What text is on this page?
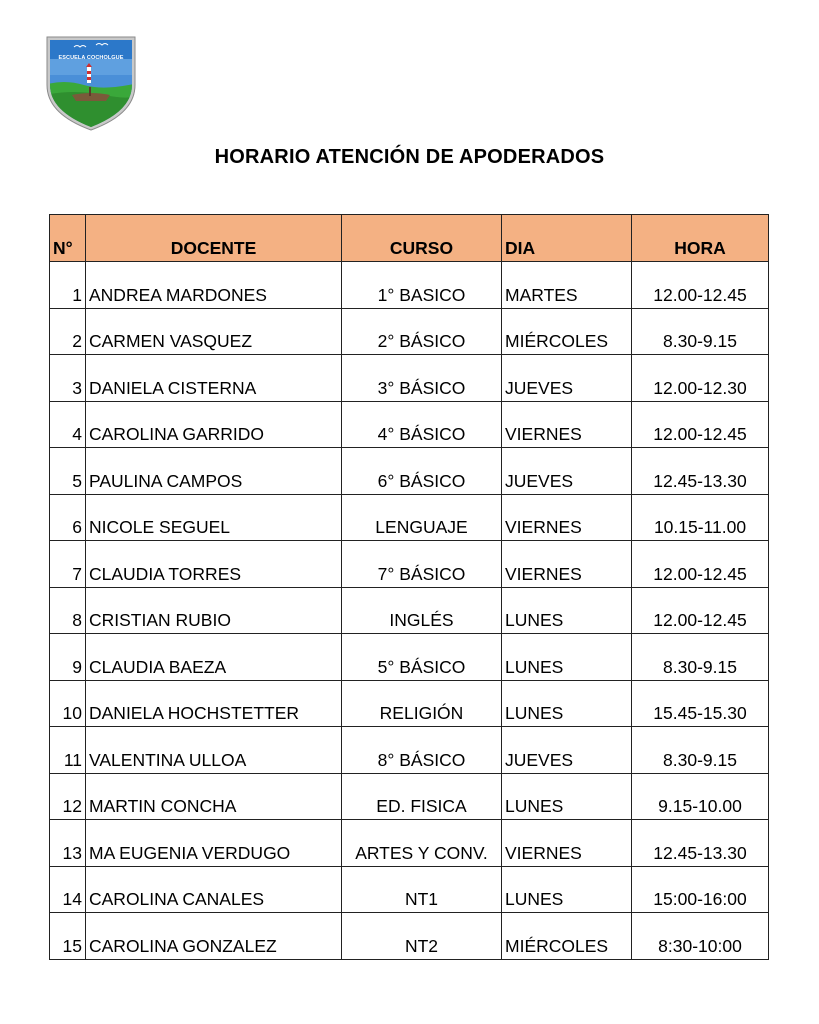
ESCUELA COCHOLGUE
HORARIO ATENCIÓN DE APODERADOS
N°	DOCENTE	CURSO	DIA	HORA
1	ANDREA MARDONES	1° BASICO	MARTES	12.00-12.45
2	CARMEN VASQUEZ	2° BÁSICO	MIÉRCOLES	8.30-9.15
3	DANIELA CISTERNA	3° BÁSICO	JUEVES	12.00-12.30
4	CAROLINA GARRIDO	4° BÁSICO	VIERNES	12.00-12.45
5	PAULINA CAMPOS	6° BÁSICO	JUEVES	12.45-13.30
6	NICOLE SEGUEL	LENGUAJE	VIERNES	10.15-11.00
7	CLAUDIA TORRES	7° BÁSICO	VIERNES	12.00-12.45
8	CRISTIAN RUBIO	INGLÉS	LUNES	12.00-12.45
9	CLAUDIA BAEZA	5° BÁSICO	LUNES	8.30-9.15
10	DANIELA HOCHSTETTER	RELIGIÓN	LUNES	15.45-15.30
11	VALENTINA ULLOA	8° BÁSICO	JUEVES	8.30-9.15
12	MARTIN CONCHA	ED. FISICA	LUNES	9.15-10.00
13	MA EUGENIA VERDUGO	ARTES Y CONV.	VIERNES	12.45-13.30
14	CAROLINA CANALES	NT1	LUNES	15:00-16:00
15	CAROLINA GONZALEZ	NT2	MIÉRCOLES	8:30-10:00
